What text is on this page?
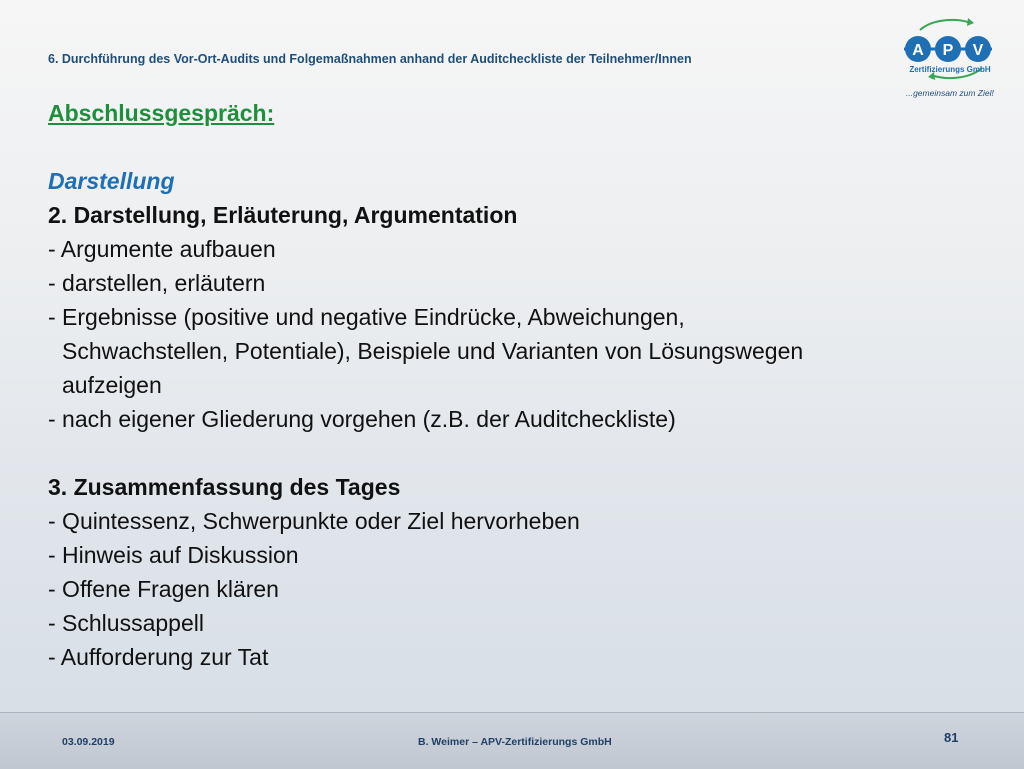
6. Durchführung des Vor-Ort-Audits und Folgemaßnahmen anhand der Auditcheckliste der Teilnehmer/Innen	A P V
Zertifizierungs GmbH
...gemeinsam zum Ziel!
Abschlussgespräch:
Darstellung
2. Darstellung, Erläuterung, Argumentation
- Argumente aufbauen
- darstellen, erläutern
- Ergebnisse (positive und negative Eindrücke, Abweichungen,
Schwachstellen, Potentiale), Beispiele und Varianten von Lösungswegen
aufzeigen
- nach eigener Gliederung vorgehen (z.B. der Auditcheckliste)
3. Zusammenfassung des Tages
- Quintessenz, Schwerpunkte oder Ziel hervorheben
- Hinweis auf Diskussion
- Offene Fragen klären
- Schlussappell
- Aufforderung zur Tat
03.09.2019	B. Weimer – APV-Zertifizierungs GmbH	81
